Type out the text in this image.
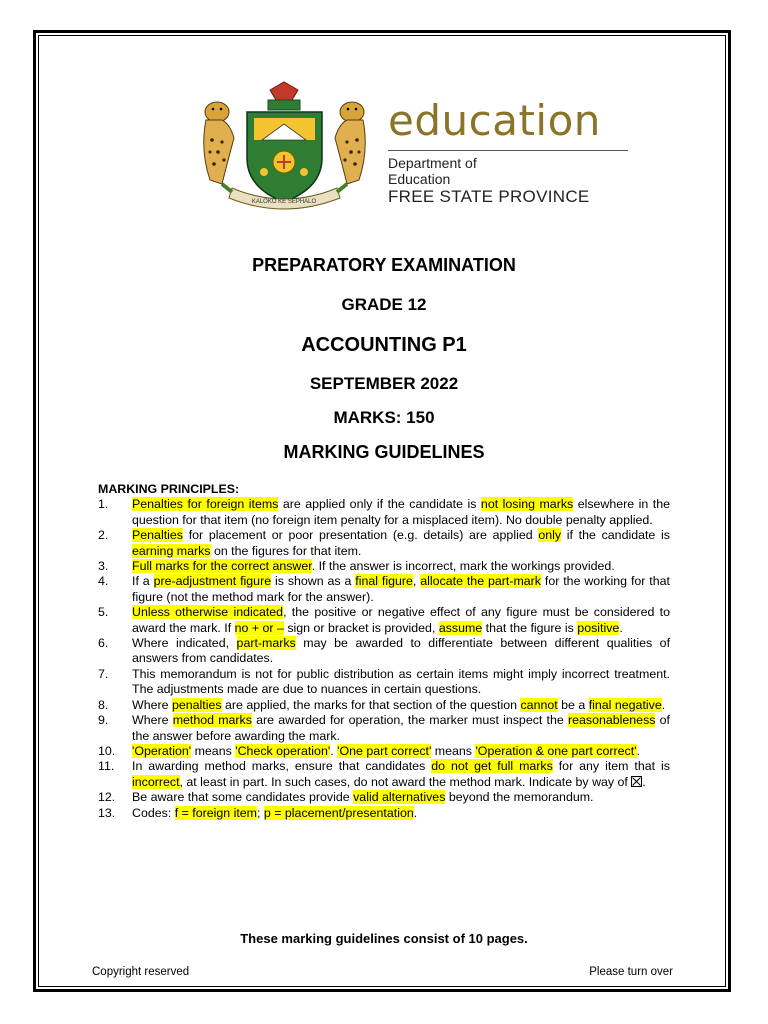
KALOKO KE SEPHALO

education

Department of

Education

FREE STATE PROVINCE

PREPARATORY EXAMINATION

GRADE 12

ACCOUNTING P1

SEPTEMBER 2022

MARKS: 150

MARKING GUIDELINES

MARKING PRINCIPLES:

1.	Penalties for foreign items are applied only if the candidate is not losing marks elsewhere in the question for that item (no foreign item penalty for a misplaced item). No double penalty applied.
2.	Penalties for placement or poor presentation (e.g. details) are applied only if the candidate is earning marks on the figures for that item.
3.	Full marks for the correct answer. If the answer is incorrect, mark the workings provided.
4.	If a pre-adjustment figure is shown as a final figure, allocate the part-mark for the working for that figure (not the method mark for the answer).
5.	Unless otherwise indicated, the positive or negative effect of any figure must be considered to award the mark. If no + or – sign or bracket is provided, assume that the figure is positive.
6.	Where indicated, part-marks may be awarded to differentiate between different qualities of answers from candidates.
7.	This memorandum is not for public distribution as certain items might imply incorrect treatment. The adjustments made are due to nuances in certain questions.
8.	Where penalties are applied, the marks for that section of the question cannot be a final negative.
9.	Where method marks are awarded for operation, the marker must inspect the reasonableness of the answer before awarding the mark.
10.	'Operation' means 'Check operation'. 'One part correct' means 'Operation & one part correct'.
11.	In awarding method marks, ensure that candidates do not get full marks for any item that is incorrect, at least in part. In such cases, do not award the method mark. Indicate by way of ☒.
12.	Be aware that some candidates provide valid alternatives beyond the memorandum.
13.	Codes: f = foreign item; p = placement/presentation.
These marking guidelines consist of 10 pages.
Copyright reserved	Please turn over
